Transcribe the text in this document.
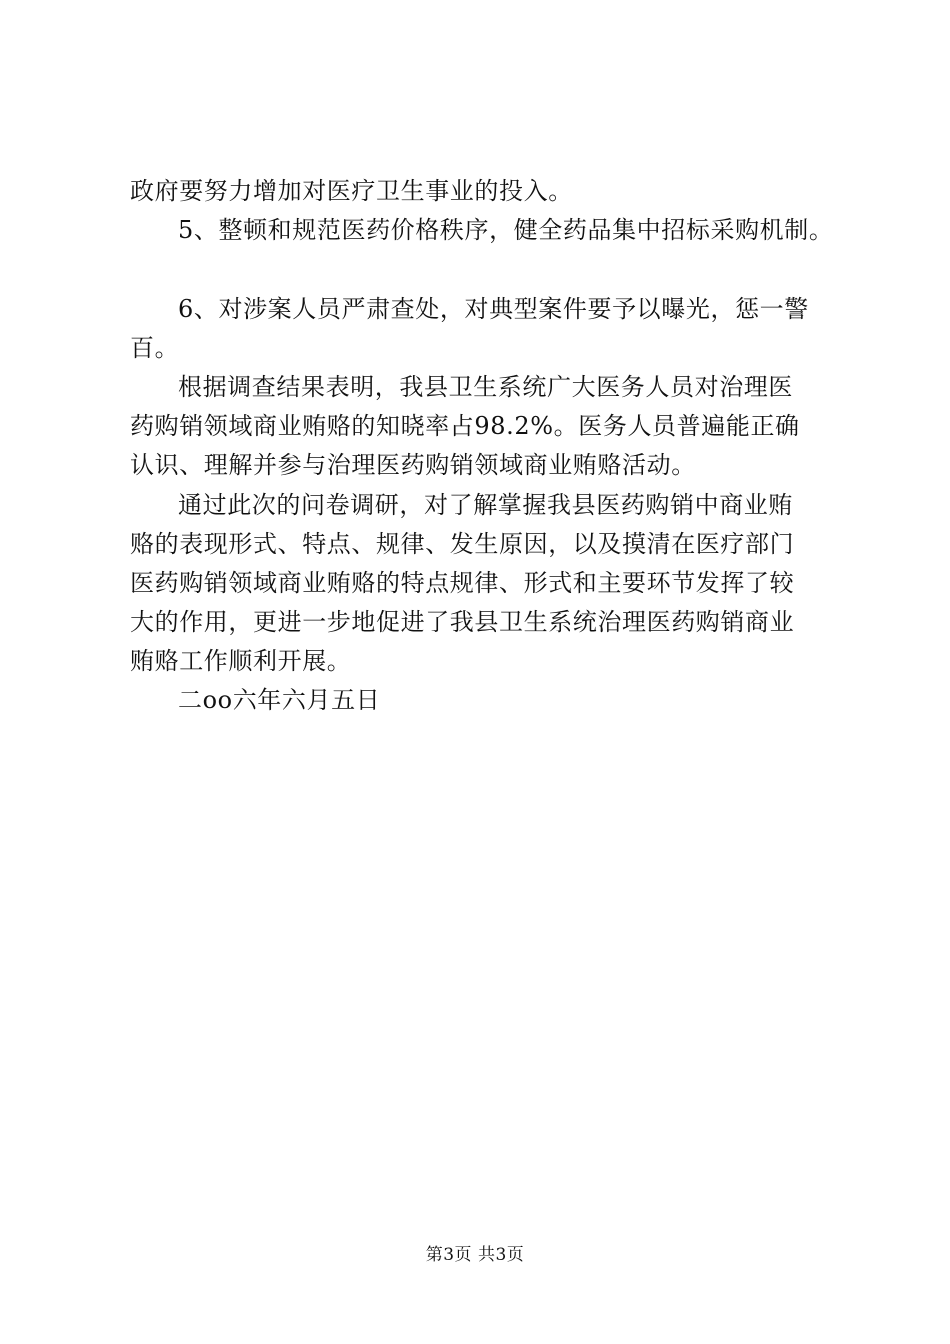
政府要努力增加对医疗卫生事业的投入。
5、整顿和规范医药价格秩序，健全药品集中招标采购机制。
6、对涉案人员严肃查处，对典型案件要予以曝光，惩一警
百。
根据调查结果表明，我县卫生系统广大医务人员对治理医
药购销领域商业贿赂的知晓率占98.2%。医务人员普遍能正确
认识、理解并参与治理医药购销领域商业贿赂活动。
通过此次的问卷调研，对了解掌握我县医药购销中商业贿
赂的表现形式、特点、规律、发生原因，以及摸清在医疗部门
医药购销领域商业贿赂的特点规律、形式和主要环节发挥了较
大的作用，更进一步地促进了我县卫生系统治理医药购销商业
贿赂工作顺利开展。
二oo六年六月五日
第3页 共3页
